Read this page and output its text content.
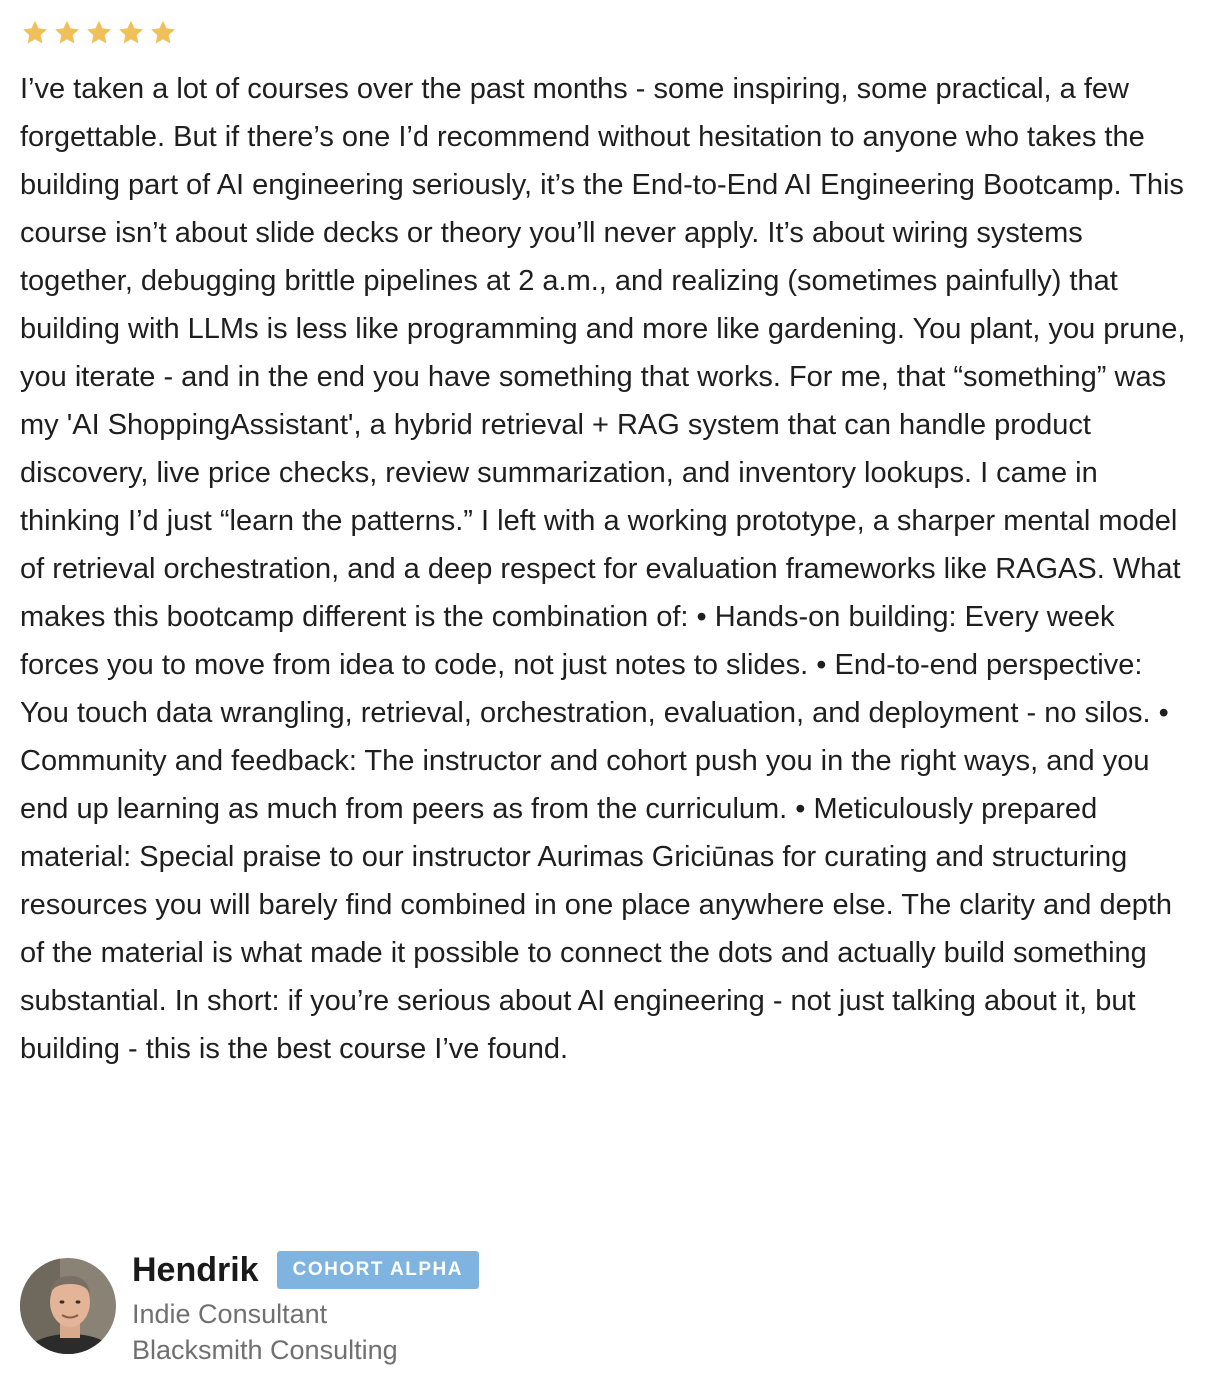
I’ve taken a lot of courses over the past months - some inspiring, some practical, a few forgettable. But if there’s one I’d recommend without hesitation to anyone who takes the building part of AI engineering seriously, it’s the End-to-End AI Engineering Bootcamp. This course isn’t about slide decks or theory you’ll never apply. It’s about wiring systems together, debugging brittle pipelines at 2 a.m., and realizing (sometimes painfully) that building with LLMs is less like programming and more like gardening. You plant, you prune, you iterate - and in the end you have something that works. For me, that “something” was my 'AI ShoppingAssistant', a hybrid retrieval + RAG system that can handle product discovery, live price checks, review summarization, and inventory lookups. I came in thinking I’d just “learn the patterns.” I left with a working prototype, a sharper mental model of retrieval orchestration, and a deep respect for evaluation frameworks like RAGAS. What makes this bootcamp different is the combination of: • Hands-on building: Every week forces you to move from idea to code, not just notes to slides. • End-to-end perspective: You touch data wrangling, retrieval, orchestration, evaluation, and deployment - no silos. • Community and feedback: The instructor and cohort push you in the right ways, and you end up learning as much from peers as from the curriculum. • Meticulously prepared material: Special praise to our instructor Aurimas Griciūnas for curating and structuring resources you will barely find combined in one place anywhere else. The clarity and depth of the material is what made it possible to connect the dots and actually build something substantial. In short: if you’re serious about AI engineering - not just talking about it, but building - this is the best course I’ve found.

Hendrik	COHORT ALPHA
Indie Consultant
Blacksmith Consulting
